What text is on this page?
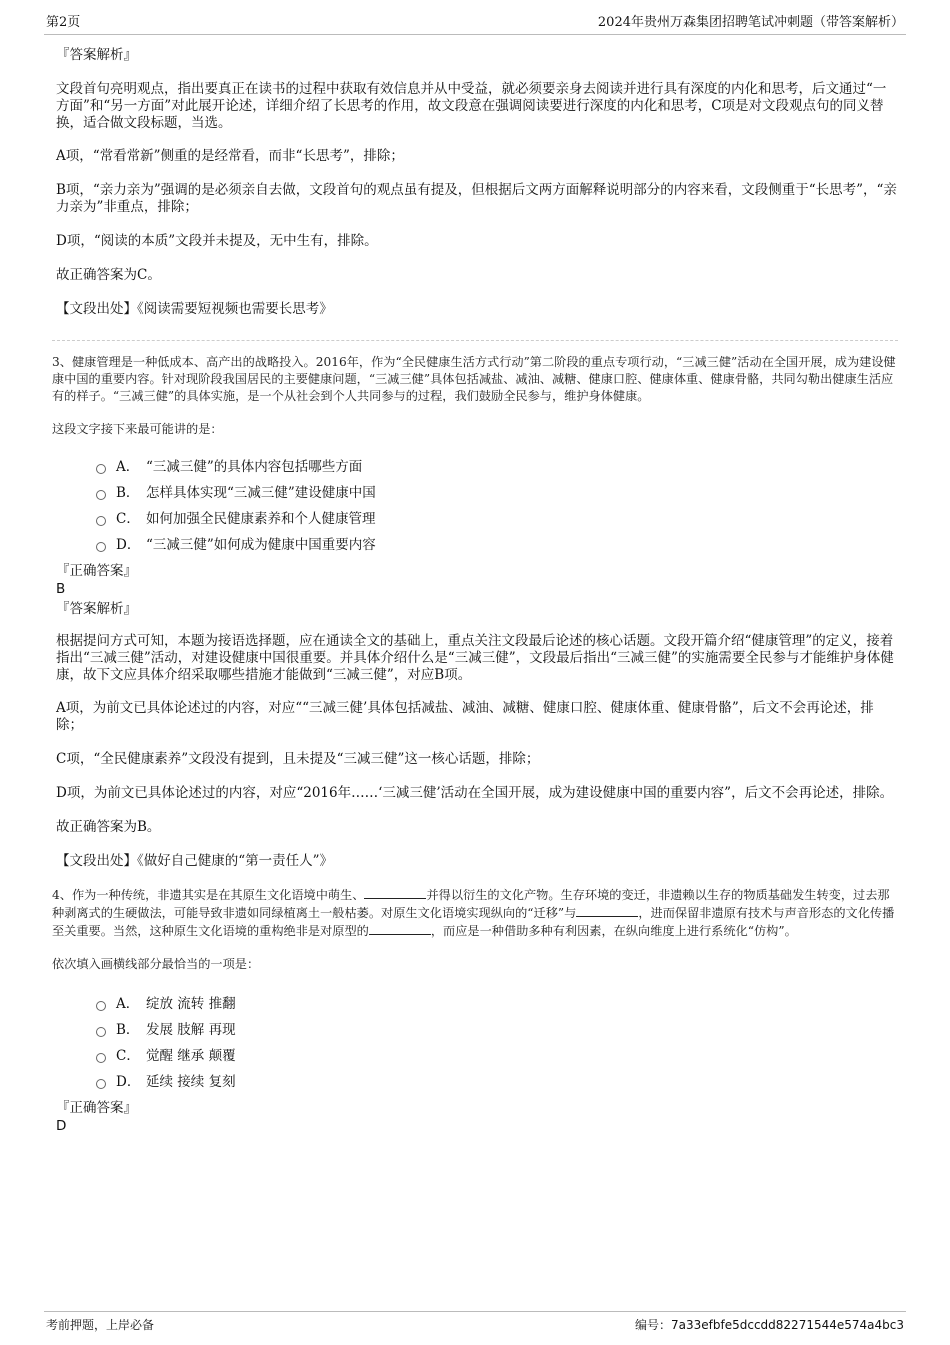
第2页	2024年贵州万森集团招聘笔试冲刺题（带答案解析）

『答案解析』

文段首句亮明观点，指出要真正在读书的过程中获取有效信息并从中受益，就必须要亲身去阅读并进行具有深度的内化和思考，后文通过“一方面”和“另一方面”对此展开论述，详细介绍了长思考的作用，故文段意在强调阅读要进行深度的内化和思考，C项是对文段观点句的同义替换，适合做文段标题，当选。

A项，“常看常新”侧重的是经常看，而非“长思考”，排除；

B项，“亲力亲为”强调的是必须亲自去做，文段首句的观点虽有提及，但根据后文两方面解释说明部分的内容来看，文段侧重于“长思考”，“亲力亲为”非重点，排除；

D项，“阅读的本质”文段并未提及，无中生有，排除。

故正确答案为C。

【文段出处】《阅读需要短视频也需要长思考》

3、健康管理是一种低成本、高产出的战略投入。2016年，作为“全民健康生活方式行动”第二阶段的重点专项行动，“三减三健”活动在全国开展，成为建设健康中国的重要内容。针对现阶段我国居民的主要健康问题，“三减三健”具体包括减盐、减油、减糖、健康口腔、健康体重、健康骨骼，共同勾勒出健康生活应有的样子。“三减三健”的具体实施，是一个从社会到个人共同参与的过程，我们鼓励全民参与，维护身体健康。

这段文字接下来最可能讲的是：

A． “三减三健”的具体内容包括哪些方面
B． 怎样具体实现“三减三健”建设健康中国
C． 如何加强全民健康素养和个人健康管理
D． “三减三健”如何成为健康中国重要内容

『正确答案』

B

『答案解析』

根据提问方式可知，本题为接语选择题，应在通读全文的基础上，重点关注文段最后论述的核心话题。文段开篇介绍“健康管理”的定义，接着指出“三减三健”活动，对建设健康中国很重要。并具体介绍什么是“三减三健”，文段最后指出“三减三健”的实施需要全民参与才能维护身体健康，故下文应具体介绍采取哪些措施才能做到“三减三健”，对应B项。

A项，为前文已具体论述过的内容，对应““三减三健’具体包括减盐、减油、减糖、健康口腔、健康体重、健康骨骼”，后文不会再论述，排除；

C项，“全民健康素养”文段没有提到，且未提及“三减三健”这一核心话题，排除；

D项，为前文已具体论述过的内容，对应“2016年……‘三减三健’活动在全国开展，成为建设健康中国的重要内容”，后文不会再论述，排除。

故正确答案为B。

【文段出处】《做好自己健康的“第一责任人”》

4、作为一种传统，非遗其实是在其原生文化语境中萌生、	并得以衍生的文化产物。生存环境的变迁，非遗赖以生存的物质基础发生转变，过去那种剥离式的生硬做法，可能导致非遗如同绿植离土一般枯萎。对原生文化语境实现纵向的“迁移”与	，进而保留非遗原有技术与声音形态的文化传播至关重要。当然，这种原生文化语境的重构绝非是对原型的	，而应是一种借助多种有利因素，在纵向维度上进行系统化“仿构”。

依次填入画横线部分最恰当的一项是：

A． 绽放 流转 推翻
B． 发展 肢解 再现
C． 觉醒 继承 颠覆
D． 延续 接续 复刻

『正确答案』

D

考前押题，上岸必备	编号：7a33efbfe5dccdd82271544e574a4bc3
